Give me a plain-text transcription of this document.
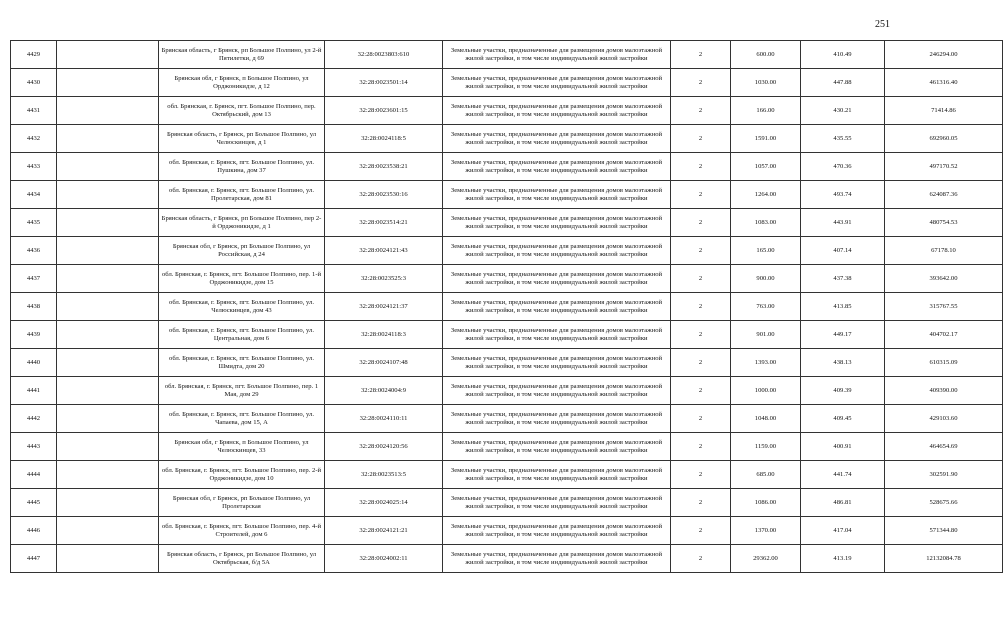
251
4429		Брянская область, г Брянск, рп Большое Полпино, ул 2-й Пятилетки, д 69	32:28:0023803:610	Земельные участки, предназначенные для размещения домов малоэтажной жилой застройки, в том числе индивидуальной жилой застройки	2	600.00	410.49	246294.00
4430		Брянская обл, г Брянск, п Большое Полпино, ул Орджоникидзе, д 12	32:28:0023501:14	Земельные участки, предназначенные для размещения домов малоэтажной жилой застройки, в том числе индивидуальной жилой застройки	2	1030.00	447.88	461316.40
4431		обл. Брянская, г. Брянск, пгт. Большое Полпино, пер. Октябрьский, дом 13	32:28:0023601:15	Земельные участки, предназначенные для размещения домов малоэтажной жилой застройки, в том числе индивидуальной жилой застройки	2	166.00	430.21	71414.86
4432		Брянская область, г Брянск, рп Большое Полпино, ул Челюскинцев, д 1	32:28:0024118:5	Земельные участки, предназначенные для размещения домов малоэтажной жилой застройки, в том числе индивидуальной жилой застройки	2	1591.00	435.55	692960.05
4433		обл. Брянская, г. Брянск, пгт. Большое Полпино, ул. Пушкина, дом 37	32:28:0023538:21	Земельные участки, предназначенные для размещения домов малоэтажной жилой застройки, в том числе индивидуальной жилой застройки	2	1057.00	470.36	497170.52
4434		обл. Брянская, г. Брянск, пгт. Большое Полпино, ул. Пролетарская, дом 81	32:28:0023530:16	Земельные участки, предназначенные для размещения домов малоэтажной жилой застройки, в том числе индивидуальной жилой застройки	2	1264.00	493.74	624087.36
4435		Брянская область, г Брянск, рп Большое Полпино, пер 2-й Орджоникидзе, д 1	32:28:0023514:21	Земельные участки, предназначенные для размещения домов малоэтажной жилой застройки, в том числе индивидуальной жилой застройки	2	1083.00	443.91	480754.53
4436		Брянская обл, г Брянск, рп Большое Полпино, ул Российская, д 24	32:28:0024121:43	Земельные участки, предназначенные для размещения домов малоэтажной жилой застройки, в том числе индивидуальной жилой застройки	2	165.00	407.14	67178.10
4437		обл. Брянская, г. Брянск, пгт. Большое Полпино, пер. 1-й Орджоникидзе, дом 15	32:28:0023525:3	Земельные участки, предназначенные для размещения домов малоэтажной жилой застройки, в том числе индивидуальной жилой застройки	2	900.00	437.38	393642.00
4438		обл. Брянская, г. Брянск, пгт. Большое Полпино, ул. Челюскинцев, дом 43	32:28:0024121:37	Земельные участки, предназначенные для размещения домов малоэтажной жилой застройки, в том числе индивидуальной жилой застройки	2	763.00	413.85	315767.55
4439		обл. Брянская, г. Брянск, пгт. Большое Полпино, ул. Центральная, дом 6	32:28:0024118:3	Земельные участки, предназначенные для размещения домов малоэтажной жилой застройки, в том числе индивидуальной жилой застройки	2	901.00	449.17	404702.17
4440		обл. Брянская, г. Брянск, пгт. Большое Полпино, ул. Шмидта, дом 20	32:28:0024107:48	Земельные участки, предназначенные для размещения домов малоэтажной жилой застройки, в том числе индивидуальной жилой застройки	2	1393.00	438.13	610315.09
4441		обл. Брянская, г. Брянск, пгт. Большое Полпино, пер. 1 Мая, дом 29	32:28:0024004:9	Земельные участки, предназначенные для размещения домов малоэтажной жилой застройки, в том числе индивидуальной жилой застройки	2	1000.00	409.39	409390.00
4442		обл. Брянская, г. Брянск, пгт. Большое Полпино, ул. Чапаева, дом 15, А	32:28:0024110:11	Земельные участки, предназначенные для размещения домов малоэтажной жилой застройки, в том числе индивидуальной жилой застройки	2	1048.00	409.45	429103.60
4443		Брянская обл, г Брянск, п Большое Полпино, ул Челюскинцев, 33	32:28:0024120:56	Земельные участки, предназначенные для размещения домов малоэтажной жилой застройки, в том числе индивидуальной жилой застройки	2	1159.00	400.91	464654.69
4444		обл. Брянская, г. Брянск, пгт. Большое Полпино, пер. 2-й Орджоникидзе, дом 10	32:28:0023513:5	Земельные участки, предназначенные для размещения домов малоэтажной жилой застройки, в том числе индивидуальной жилой застройки	2	685.00	441.74	302591.90
4445		Брянская обл, г Брянск, рп Большое Полпино, ул Пролетарская	32:28:0024025:14	Земельные участки, предназначенные для размещения домов малоэтажной жилой застройки, в том числе индивидуальной жилой застройки	2	1086.00	486.81	528675.66
4446		обл. Брянская, г. Брянск, пгт. Большое Полпино, пер. 4-й Строителей, дом 6	32:28:0024121:21	Земельные участки, предназначенные для размещения домов малоэтажной жилой застройки, в том числе индивидуальной жилой застройки	2	1370.00	417.04	571344.80
4447		Брянская область, г Брянск, рп Большое Полпино, ул Октябрьская, б/д 5А	32:28:0024002:11	Земельные участки, предназначенные для размещения домов малоэтажной жилой застройки, в том числе индивидуальной жилой застройки	2	29362.00	413.19	12132084.78
